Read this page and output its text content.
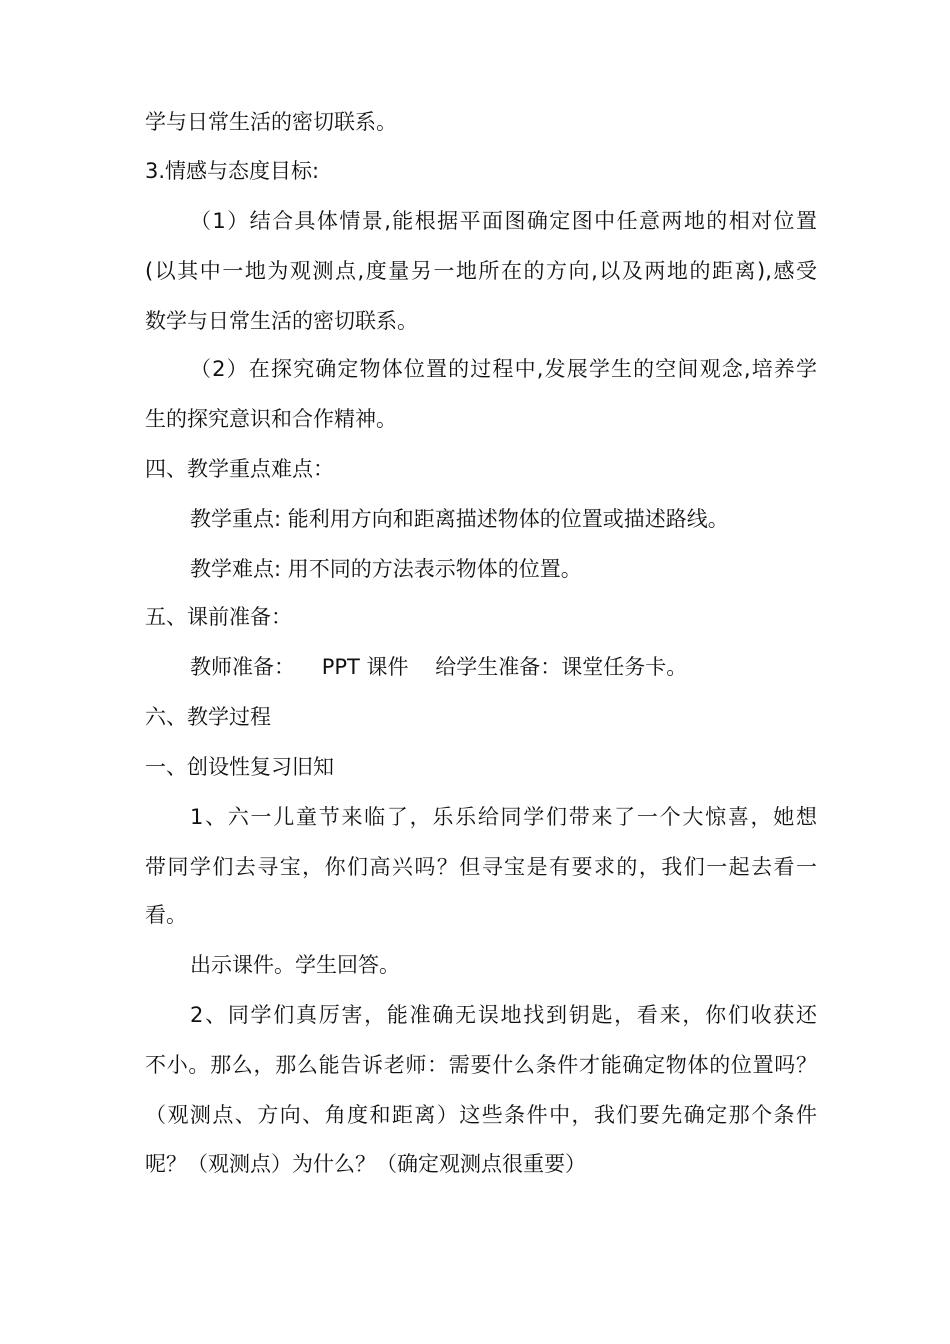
学与日常生活的密切联系。
3.情感与态度目标:
（1）结合具体情景,能根据平面图确定图中任意两地的相对位置
(以其中一地为观测点,度量另一地所在的方向,以及两地的距离),感受
数学与日常生活的密切联系。
（2）在探究确定物体位置的过程中,发展学生的空间观念,培养学
生的探究意识和合作精神。
四、教学重点难点：
教学重点: 能利用方向和距离描述物体的位置或描述路线。
教学难点: 用不同的方法表示物体的位置。
五、课前准备：
教师准备：    PPT 课件    给学生准备：课堂任务卡。
六、教学过程
一、创设性复习旧知
1、六一儿童节来临了，乐乐给同学们带来了一个大惊喜，她想
带同学们去寻宝，你们高兴吗？但寻宝是有要求的，我们一起去看一
看。
出示课件。学生回答。
2、同学们真厉害，能准确无误地找到钥匙，看来，你们收获还
不小。那么，那么能告诉老师：需要什么条件才能确定物体的位置吗？
（观测点、方向、角度和距离）这些条件中，我们要先确定那个条件
呢？（观测点）为什么？（确定观测点很重要）
